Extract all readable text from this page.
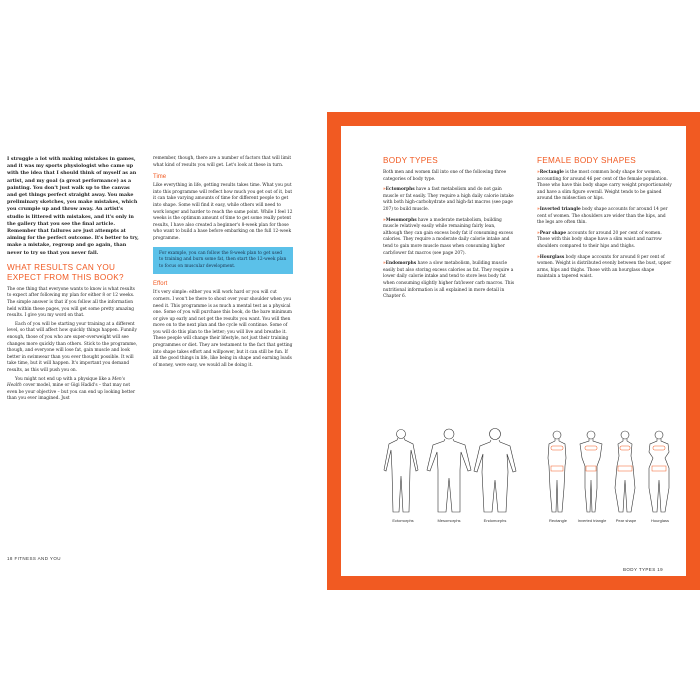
I struggle a lot with making mistakes in games, and it was my sports physiologist who came up with the idea that I should think of myself as an artist, and my goal (a great performance) as a painting. You don't just walk up to the canvas and get things perfect straight away. You make preliminary sketches, you make mistakes, which you crumple up and throw away. An artist's studio is littered with mistakes, and it's only in the gallery that you see the final article. Remember that failures are just attempts at aiming for the perfect outcome. It's better to try, make a mistake, regroup and go again, than never to try so that you never fall.

WHAT RESULTS CAN YOU EXPECT FROM THIS BOOK?

The one thing that everyone wants to know is what results to expect after following my plan for either 8 or 12 weeks. The simple answer is that if you follow all the information held within these pages, you will get some pretty amazing results. I give you my word on that.

Each of you will be starting your training at a different level, so that will affect how quickly things happen. Funnily enough, those of you who are super-overweight will see changes more quickly than others. Stick to the programme, though, and everyone will lose fat, gain muscle and look better in swimwear than you ever thought possible. It will take time, but it will happen. It's important you demand results, as this will push you on.

You might not end up with a physique like a Men's Health cover model, mine or Gigi Hadid's – that may not even be your objective – but you can end up looking better than you ever imagined. Just

remember, though, there are a number of factors that will limit what kind of results you will get. Let's look at these in turn.

Time

Like everything in life, getting results takes time. What you put into this programme will reflect how much you get out of it, but it can take varying amounts of time for different people to get into shape. Some will find it easy, while others will need to work longer and harder to reach the same point. While I feel 12 weeks is the optimum amount of time to get some really potent results, I have also created a beginner's 8-week plan for those who want to build a base before embarking on the full 12-week programme.

For example, you can follow the 8-week plan to get used to training and burn some fat, then start the 12-week plan to focus on muscular development.
Effort

It's very simple: either you will work hard or you will cut corners. I won't be there to shout over your shoulder when you need it. This programme is as much a mental test as a physical one. Some of you will purchase this book, do the bare minimum or give up early and not get the results you want. You will then move on to the next plan and the cycle will continue. Some of you will do this plan to the letter; you will live and breathe it. These people will change their lifestyle, not just their training programmes or diet. They are testament to the fact that getting into shape takes effort and willpower, but it can still be fun. If all the good things in life, like being in shape and earning loads of money, were easy, we would all be doing it.

18 FITNESS AND YOU
BODY TYPES

Both men and women fall into one of the following three categories of body type.

»Ectomorphs have a fast metabolism and do not gain muscle or fat easily. They require a high daily calorie intake with both high-carbohydrate and high-fat macros (see page 207) to build muscle.

»Mesomorphs have a moderate metabolism, building muscle relatively easily while remaining fairly lean, although they can gain excess body fat if consuming excess calories. They require a moderate daily calorie intake and tend to gain more muscle mass when consuming higher carb/lower fat macros (see page 207).

»Endomorphs have a slow metabolism, building muscle easily but also storing excess calories as fat. They require a lower daily calorie intake and tend to store less body fat when consuming slightly higher fat/lower carb macros. This nutritional information is all explained in more detail in Chapter 6.

FEMALE BODY SHAPES

»Rectangle is the most common body shape for women, accounting for around 46 per cent of the female population. Those who have this body shape carry weight proportionately and have a slim figure overall. Weight tends to be gained around the midsection or hips.

»Inverted triangle body shape accounts for around 14 per cent of women. The shoulders are wider than the hips, and the legs are often thin.

»Pear shape accounts for around 20 per cent of women. Those with this body shape have a slim waist and narrow shoulders compared to their hips and thighs.

»Hourglass body shape accounts for around 8 per cent of women. Weight is distributed evenly between the bust, upper arms, hips and thighs. Those with an hourglass shape maintain a tapered waist.

Ectomorphs	Mesomorphs	Endomorphs	Rectangle	Inverted triangle	Pear shape	Hourglass
BODY TYPES 19
